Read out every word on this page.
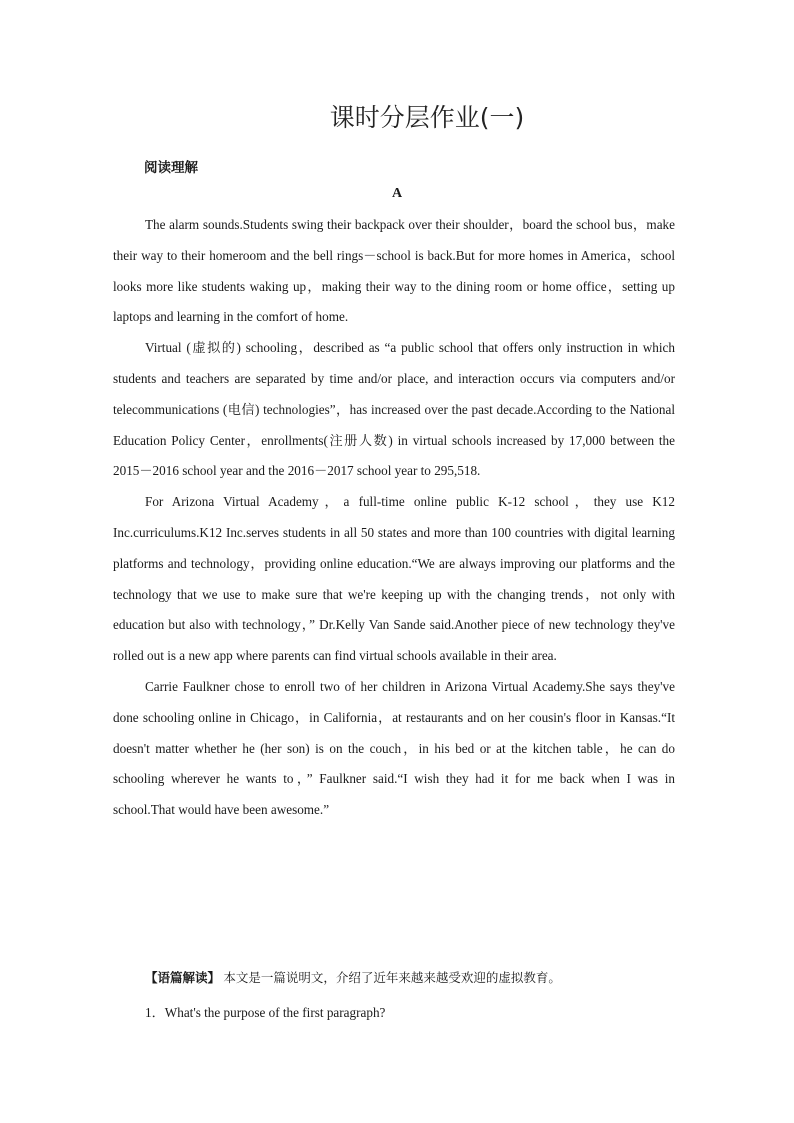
课时分层作业(一)
阅读理解
A

The alarm sounds.Students swing their backpack over their shoulder，board the school bus，make their way to their homeroom and the bell rings－school is back.But for more homes in America，school looks more like students waking up，making their way to the dining room or home office，setting up laptops and learning in the comfort of home.

Virtual (虚拟的) schooling，described as “a public school that offers only instruction in which students and teachers are separated by time and/or place, and interaction occurs via computers and/or telecommunications (电信) technologies”，has increased over the past decade.According to the National Education Policy Center，enrollments(注册人数) in virtual schools increased by 17,000 between the 2015－2016 school year and the 2016－2017 school year to 295,518.

For Arizona Virtual Academy，a full-time online public K-12 school，they use K12 Inc.curriculums.K12 Inc.serves students in all 50 states and more than 100 countries with digital learning platforms and technology，providing online education.“We are always improving our platforms and the technology that we use to make sure that we're keeping up with the changing trends，not only with education but also with technology，” Dr.Kelly Van Sande said.Another piece of new technology they've rolled out is a new app where parents can find virtual schools available in their area.

Carrie Faulkner chose to enroll two of her children in Arizona Virtual Academy.She says they've done schooling online in Chicago，in California，at restaurants and on her cousin's floor in Kansas.“It doesn't matter whether he (her son) is on the couch，in his bed or at the kitchen table，he can do schooling wherever he wants to，” Faulkner said.“I wish they had it for me back when I was in school.That would have been awesome.”

【语篇解读】 本文是一篇说明文，介绍了近年来越来越受欢迎的虚拟教育。
1．What's the purpose of the first paragraph?
